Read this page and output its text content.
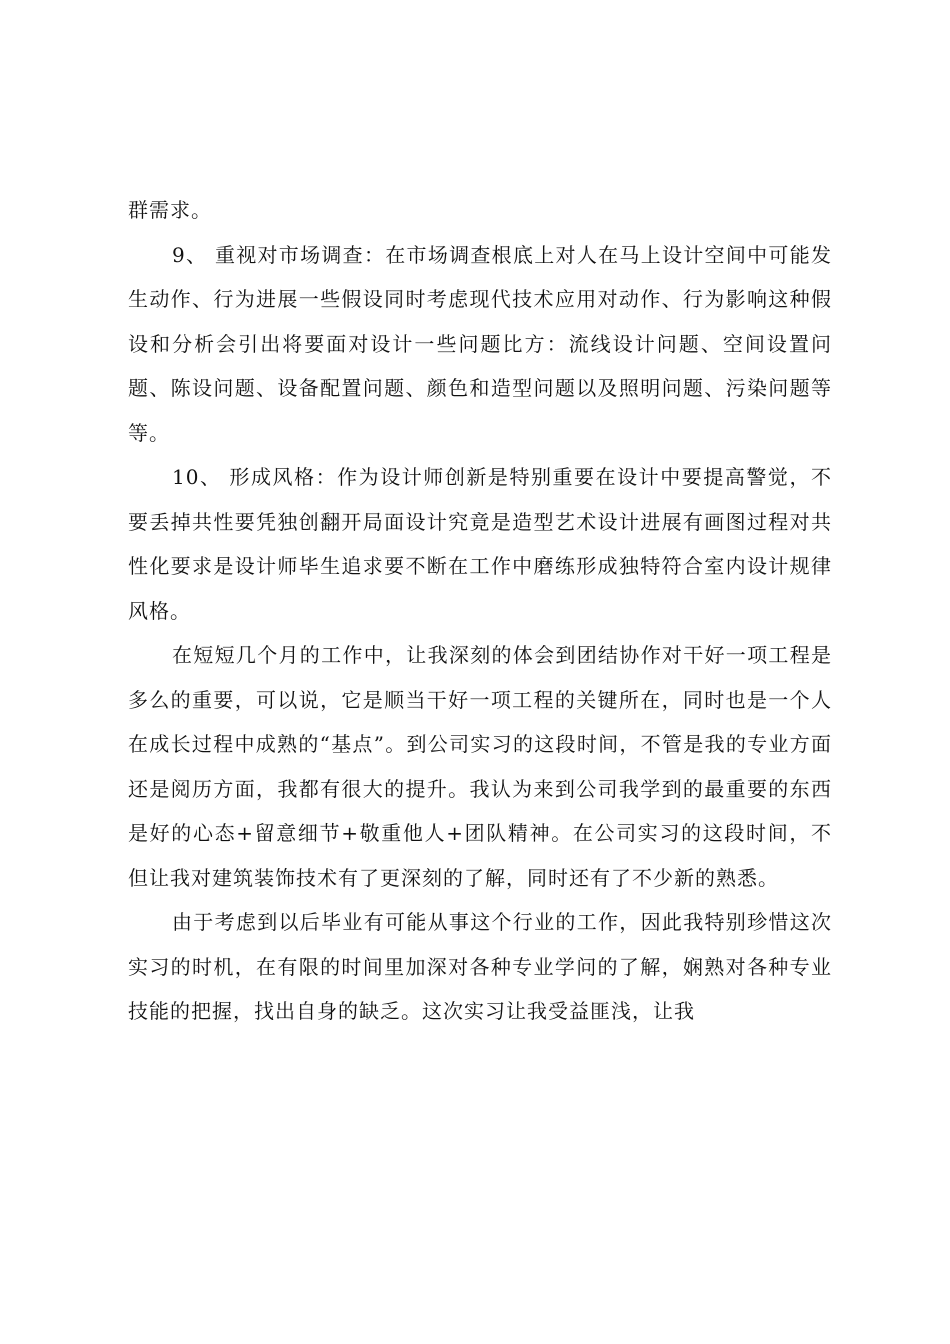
群需求。

9、 重视对市场调查：在市场调查根底上对人在马上设计空间中可能发生动作、行为进展一些假设同时考虑现代技术应用对动作、行为影响这种假设和分析会引出将要面对设计一些问题比方：流线设计问题、空间设置问题、陈设问题、设备配置问题、颜色和造型问题以及照明问题、污染问题等等。

10、 形成风格：作为设计师创新是特别重要在设计中要提高警觉，不要丢掉共性要凭独创翻开局面设计究竟是造型艺术设计进展有画图过程对共性化要求是设计师毕生追求要不断在工作中磨练形成独特符合室内设计规律风格。

在短短几个月的工作中，让我深刻的体会到团结协作对干好一项工程是多么的重要，可以说，它是顺当干好一项工程的关键所在，同时也是一个人在成长过程中成熟的“基点”。到公司实习的这段时间，不管是我的专业方面还是阅历方面，我都有很大的提升。我认为来到公司我学到的最重要的东西是好的心态+留意细节+敬重他人+团队精神。在公司实习的这段时间，不但让我对建筑装饰技术有了更深刻的了解，同时还有了不少新的熟悉。

由于考虑到以后毕业有可能从事这个行业的工作，因此我特别珍惜这次实习的时机，在有限的时间里加深对各种专业学问的了解，娴熟对各种专业技能的把握，找出自身的缺乏。这次实习让我受益匪浅，让我
